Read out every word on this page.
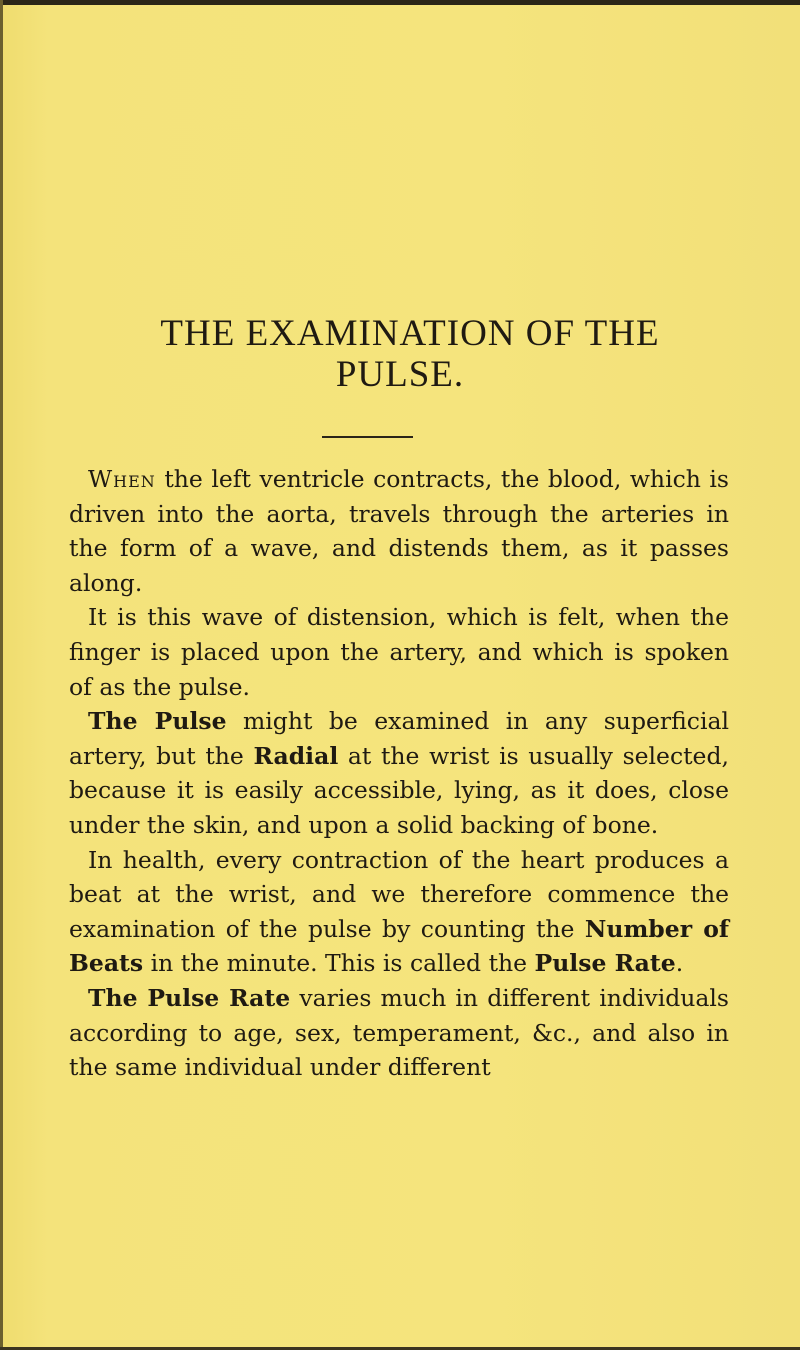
THE EXAMINATION OF THE
PULSE.

When the left ventricle contracts, the blood, which is driven into the aorta, travels through the arteries in the form of a wave, and distends them, as it passes along.

It is this wave of distension, which is felt, when the finger is placed upon the artery, and which is spoken of as the pulse.

The Pulse might be examined in any superficial artery, but the Radial at the wrist is usually selected, because it is easily accessible, lying, as it does, close under the skin, and upon a solid backing of bone.

In health, every contraction of the heart produces a beat at the wrist, and we therefore commence the examination of the pulse by counting the Number of Beats in the minute. This is called the Pulse Rate.

The Pulse Rate varies much in different individuals according to age, sex, temperament, &c., and also in the same individual under different
